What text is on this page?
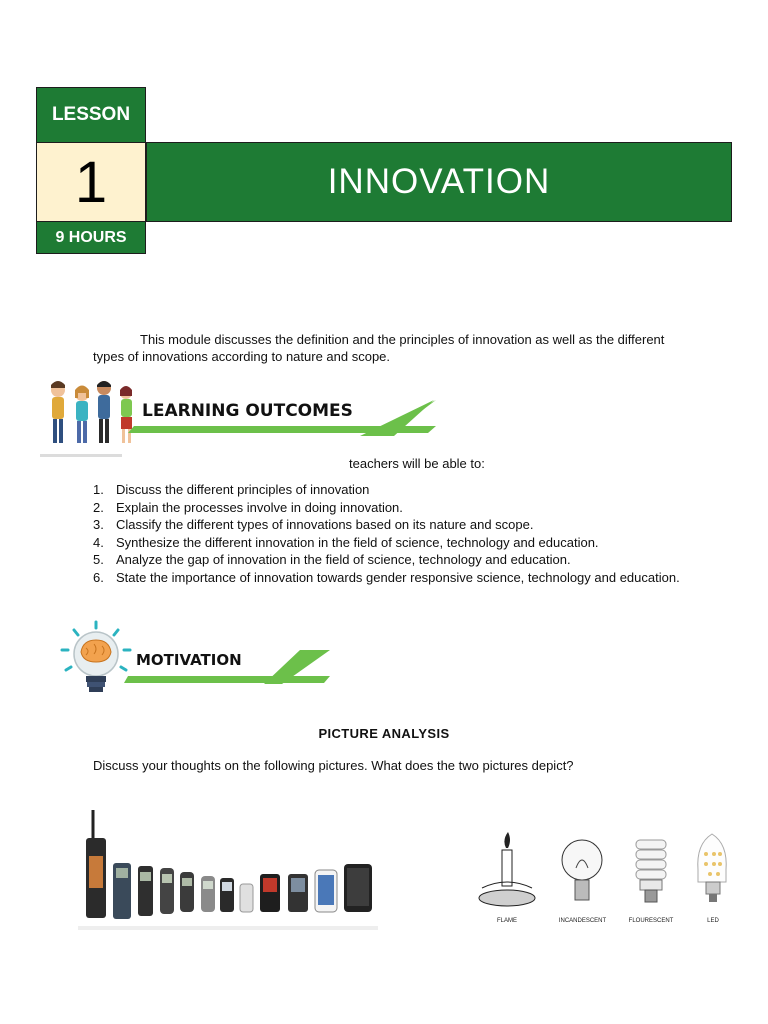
LESSON
1
9 HOURS
INNOVATION
This module discusses the definition and the principles of innovation as well as the different types of innovations according to nature and scope.
LEARNING OUTCOMES
teachers will be able to:
1. Discuss the different principles of innovation
2. Explain the processes involve in doing innovation.
3. Classify the different types of innovations based on its nature and scope.
4. Synthesize the different innovation in the field of science, technology and education.
5. Analyze the gap of innovation in the field of science, technology and education.
6. State the importance of innovation towards gender responsive science, technology and education.
MOTIVATION
PICTURE ANALYSIS
Discuss your thoughts on the following pictures. What does the two pictures depict?
FLAME	INCANDESCENT	FLOURESCENT	LED
